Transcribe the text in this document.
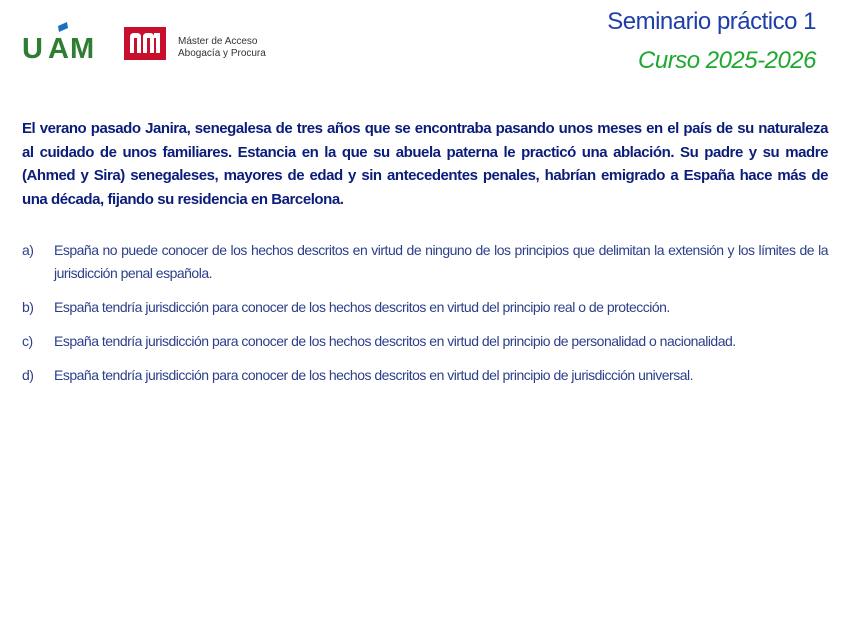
U A M	Máster de Acceso
Abogacía y Procura
Seminario práctico 1
Curso 2025-2026
El verano pasado Janira, senegalesa de tres años que se encontraba pasando unos meses en el país de su naturaleza al cuidado de unos familiares. Estancia en la que su abuela paterna le practicó una ablación. Su padre y su madre (Ahmed y Sira) senegaleses, mayores de edad y sin antecedentes penales, habrían emigrado a España hace más de una década, fijando su residencia en Barcelona.
a) España no puede conocer de los hechos descritos en virtud de ninguno de los principios que delimitan la extensión y los límites de la jurisdicción penal española.
b) España tendría jurisdicción para conocer de los hechos descritos en virtud del principio real o de protección.
c) España tendría jurisdicción para conocer de los hechos descritos en virtud del principio de personalidad o nacionalidad.
d) España tendría jurisdicción para conocer de los hechos descritos en virtud del principio de jurisdicción universal.
